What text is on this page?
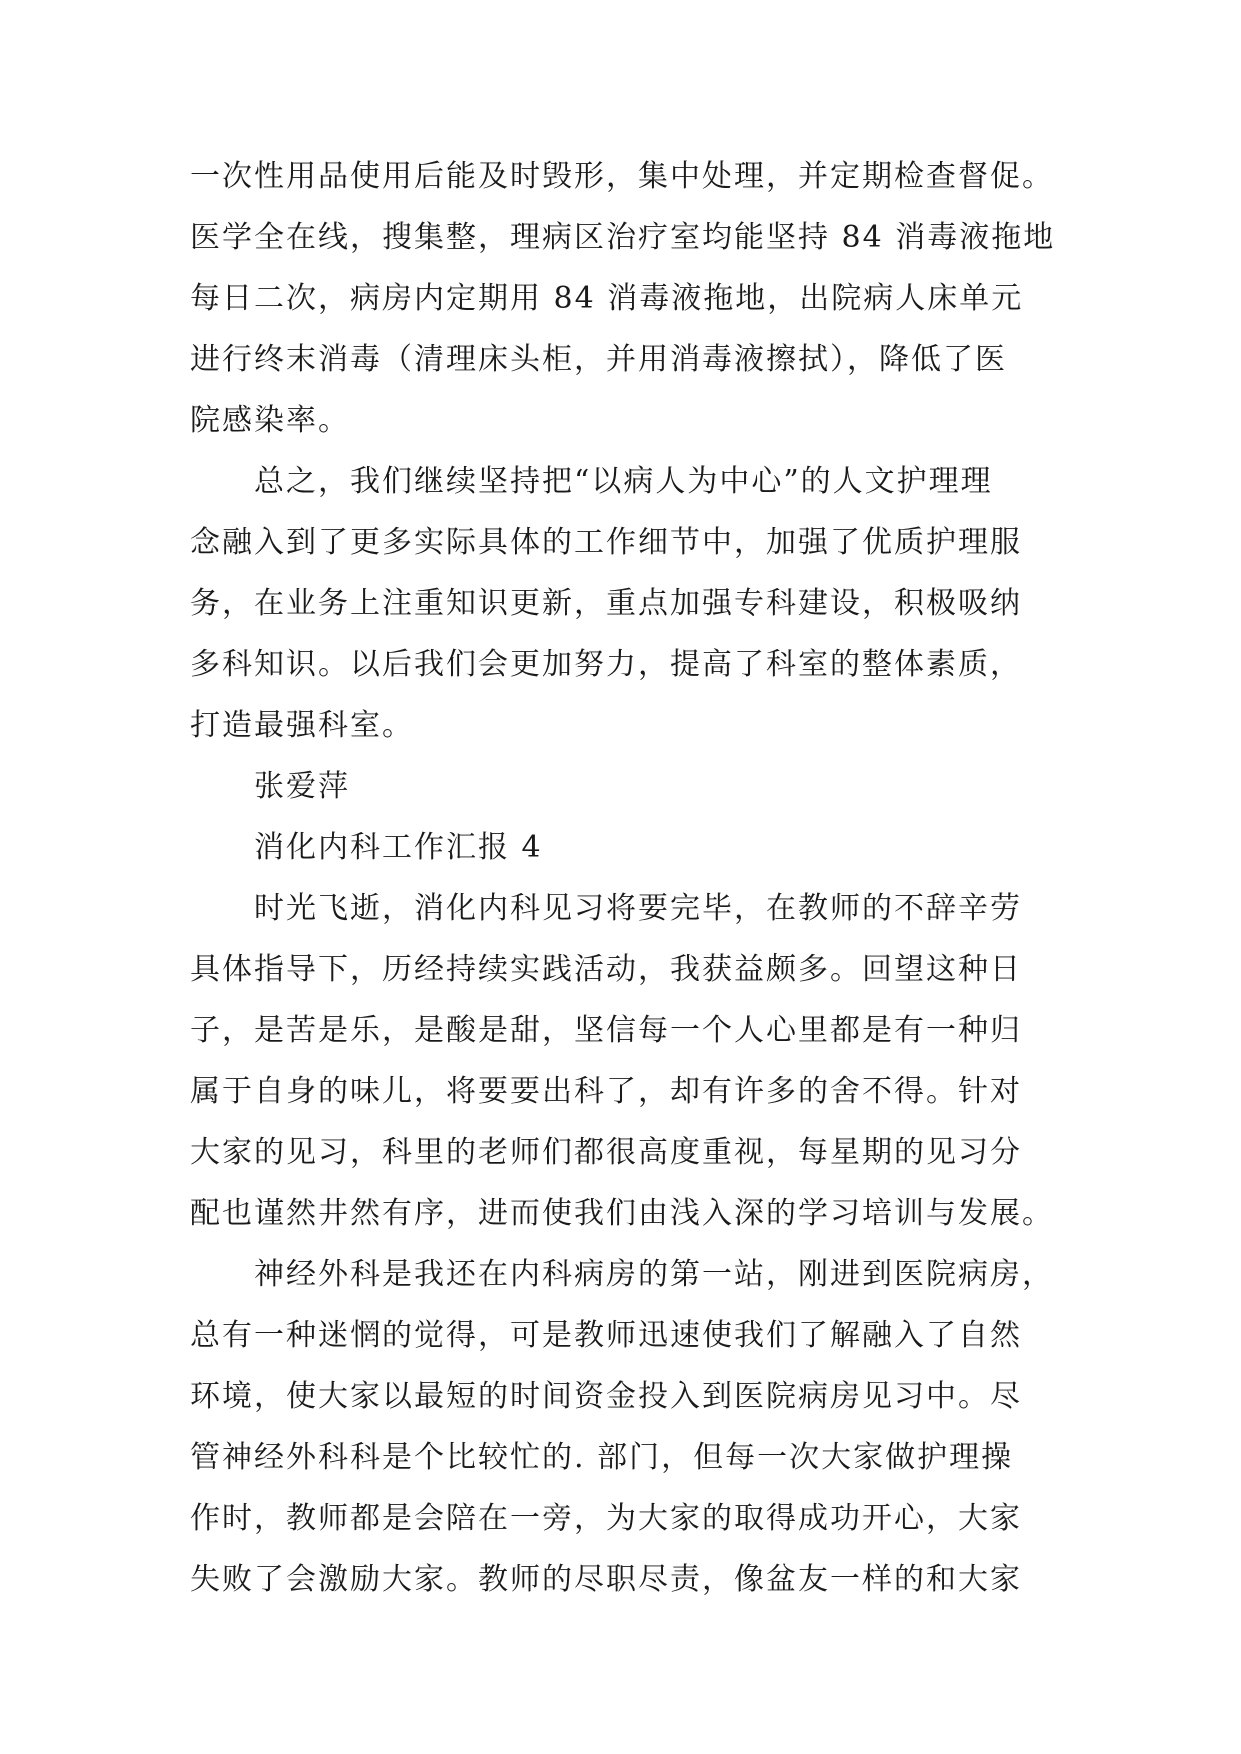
一次性用品使用后能及时毁形，集中处理，并定期检查督促。
医学全在线，搜集整，理病区治疗室均能坚持 84 消毒液拖地
每日二次，病房内定期用 84 消毒液拖地，出院病人床单元
进行终末消毒（清理床头柜，并用消毒液擦拭），降低了医
院感染率。
总之，我们继续坚持把“以病人为中心”的人文护理理
念融入到了更多实际具体的工作细节中，加强了优质护理服
务，在业务上注重知识更新，重点加强专科建设，积极吸纳
多科知识。以后我们会更加努力，提高了科室的整体素质，
打造最强科室。
张爱萍
消化内科工作汇报 4
时光飞逝，消化内科见习将要完毕，在教师的不辞辛劳
具体指导下，历经持续实践活动，我获益颇多。回望这种日
子，是苦是乐，是酸是甜，坚信每一个人心里都是有一种归
属于自身的味儿，将要要出科了，却有许多的舍不得。针对
大家的见习，科里的老师们都很高度重视，每星期的见习分
配也谨然井然有序，进而使我们由浅入深的学习培训与发展。
神经外科是我还在内科病房的第一站，刚进到医院病房，
总有一种迷惘的觉得，可是教师迅速使我们了解融入了自然
环境，使大家以最短的时间资金投入到医院病房见习中。尽
管神经外科科是个比较忙的. 部门，但每一次大家做护理操
作时，教师都是会陪在一旁，为大家的取得成功开心，大家
失败了会激励大家。教师的尽职尽责，像盆友一样的和大家
